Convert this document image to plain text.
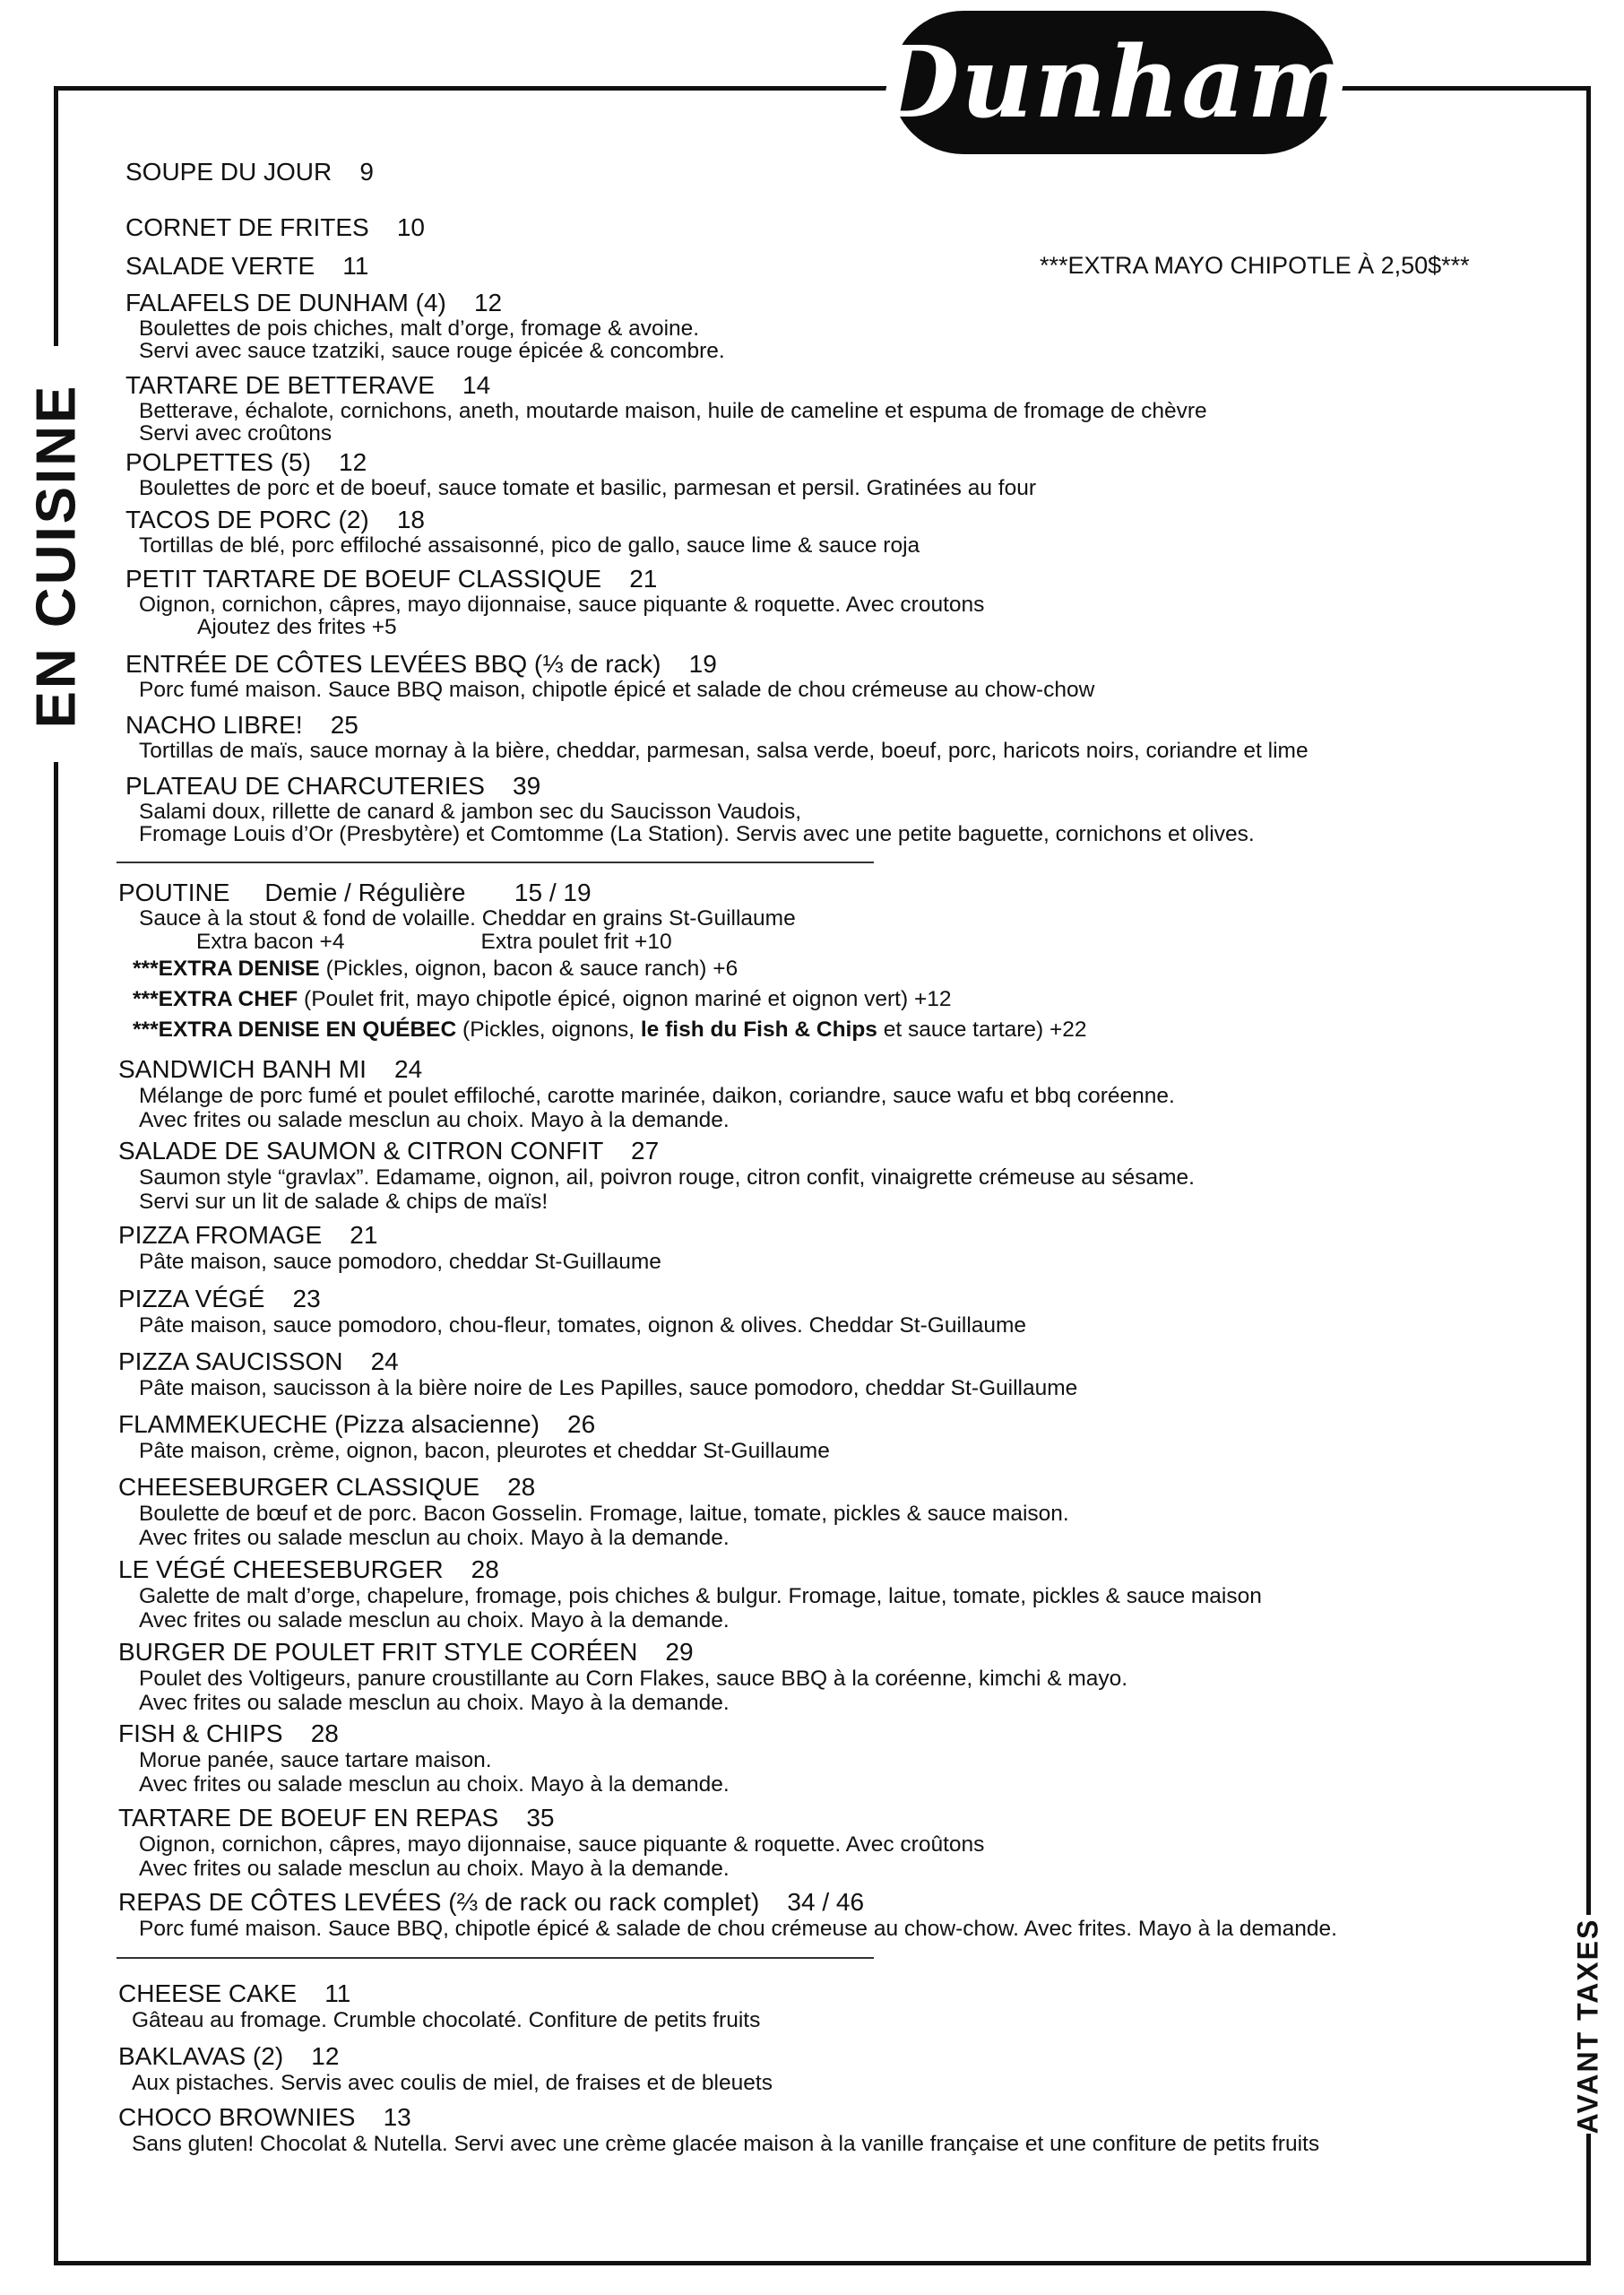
Dunham
EN CUISINE
AVANT TAXES
***EXTRA MAYO CHIPOTLE À 2,50$***
SOUPE DU JOUR    9
CORNET DE FRITES    10
SALADE VERTE    11
FALAFELS DE DUNHAM (4)    12
Boulettes de pois chiches, malt d’orge, fromage & avoine.
Servi avec sauce tzatziki, sauce rouge épicée & concombre.
TARTARE DE BETTERAVE    14
Betterave, échalote, cornichons, aneth, moutarde maison, huile de cameline et espuma de fromage de chèvre
Servi avec croûtons
POLPETTES (5)    12
Boulettes de porc et de boeuf, sauce tomate et basilic, parmesan et persil. Gratinées au four
TACOS DE PORC (2)    18
Tortillas de blé, porc effiloché assaisonné, pico de gallo, sauce lime & sauce roja
PETIT TARTARE DE BOEUF CLASSIQUE    21
Oignon, cornichon, câpres, mayo dijonnaise, sauce piquante & roquette. Avec croutons
Ajoutez des frites +5
ENTRÉE DE CÔTES LEVÉES BBQ (⅓ de rack)    19
Porc fumé maison. Sauce BBQ maison, chipotle épicé et salade de chou crémeuse au chow-chow
NACHO LIBRE!    25
Tortillas de maïs, sauce mornay à la bière, cheddar, parmesan, salsa verde, boeuf, porc, haricots noirs, coriandre et lime
PLATEAU DE CHARCUTERIES    39
Salami doux, rillette de canard & jambon sec du Saucisson Vaudois,
Fromage Louis d’Or (Presbytère) et Comtomme (La Station). Servis avec une petite baguette, cornichons et olives.
POUTINE     Demie / Régulière       15 / 19
Sauce à la stout & fond de volaille. Cheddar en grains St-Guillaume
Extra bacon +4	Extra poulet frit +10
***EXTRA DENISE (Pickles, oignon, bacon & sauce ranch) +6
***EXTRA CHEF (Poulet frit, mayo chipotle épicé, oignon mariné et oignon vert) +12
***EXTRA DENISE EN QUÉBEC (Pickles, oignons, le fish du Fish & Chips et sauce tartare) +22
SANDWICH BANH MI    24
Mélange de porc fumé et poulet effiloché, carotte marinée, daikon, coriandre, sauce wafu et bbq coréenne.
Avec frites ou salade mesclun au choix. Mayo à la demande.
SALADE DE SAUMON & CITRON CONFIT    27
Saumon style “gravlax”. Edamame, oignon, ail, poivron rouge, citron confit, vinaigrette crémeuse au sésame.
Servi sur un lit de salade & chips de maïs!
PIZZA FROMAGE    21
Pâte maison, sauce pomodoro, cheddar St-Guillaume
PIZZA VÉGÉ    23
Pâte maison, sauce pomodoro, chou-fleur, tomates, oignon & olives. Cheddar St-Guillaume
PIZZA SAUCISSON    24
Pâte maison, saucisson à la bière noire de Les Papilles, sauce pomodoro, cheddar St-Guillaume
FLAMMEKUECHE (Pizza alsacienne)    26
Pâte maison, crème, oignon, bacon, pleurotes et cheddar St-Guillaume
CHEESEBURGER CLASSIQUE    28
Boulette de bœuf et de porc. Bacon Gosselin. Fromage, laitue, tomate, pickles & sauce maison.
Avec frites ou salade mesclun au choix. Mayo à la demande.
LE VÉGÉ CHEESEBURGER    28
Galette de malt d’orge, chapelure, fromage, pois chiches & bulgur. Fromage, laitue, tomate, pickles & sauce maison
Avec frites ou salade mesclun au choix. Mayo à la demande.
BURGER DE POULET FRIT STYLE CORÉEN    29
Poulet des Voltigeurs, panure croustillante au Corn Flakes, sauce BBQ à la coréenne, kimchi & mayo.
Avec frites ou salade mesclun au choix. Mayo à la demande.
FISH & CHIPS    28
Morue panée, sauce tartare maison.
Avec frites ou salade mesclun au choix. Mayo à la demande.
TARTARE DE BOEUF EN REPAS    35
Oignon, cornichon, câpres, mayo dijonnaise, sauce piquante & roquette. Avec croûtons
Avec frites ou salade mesclun au choix. Mayo à la demande.
REPAS DE CÔTES LEVÉES (⅔ de rack ou rack complet)    34 / 46
Porc fumé maison. Sauce BBQ, chipotle épicé & salade de chou crémeuse au chow-chow. Avec frites. Mayo à la demande.
CHEESE CAKE    11
Gâteau au fromage. Crumble chocolaté. Confiture de petits fruits
BAKLAVAS (2)    12
Aux pistaches. Servis avec coulis de miel, de fraises et de bleuets
CHOCO BROWNIES    13
Sans gluten! Chocolat & Nutella. Servi avec une crème glacée maison à la vanille française et une confiture de petits fruits
